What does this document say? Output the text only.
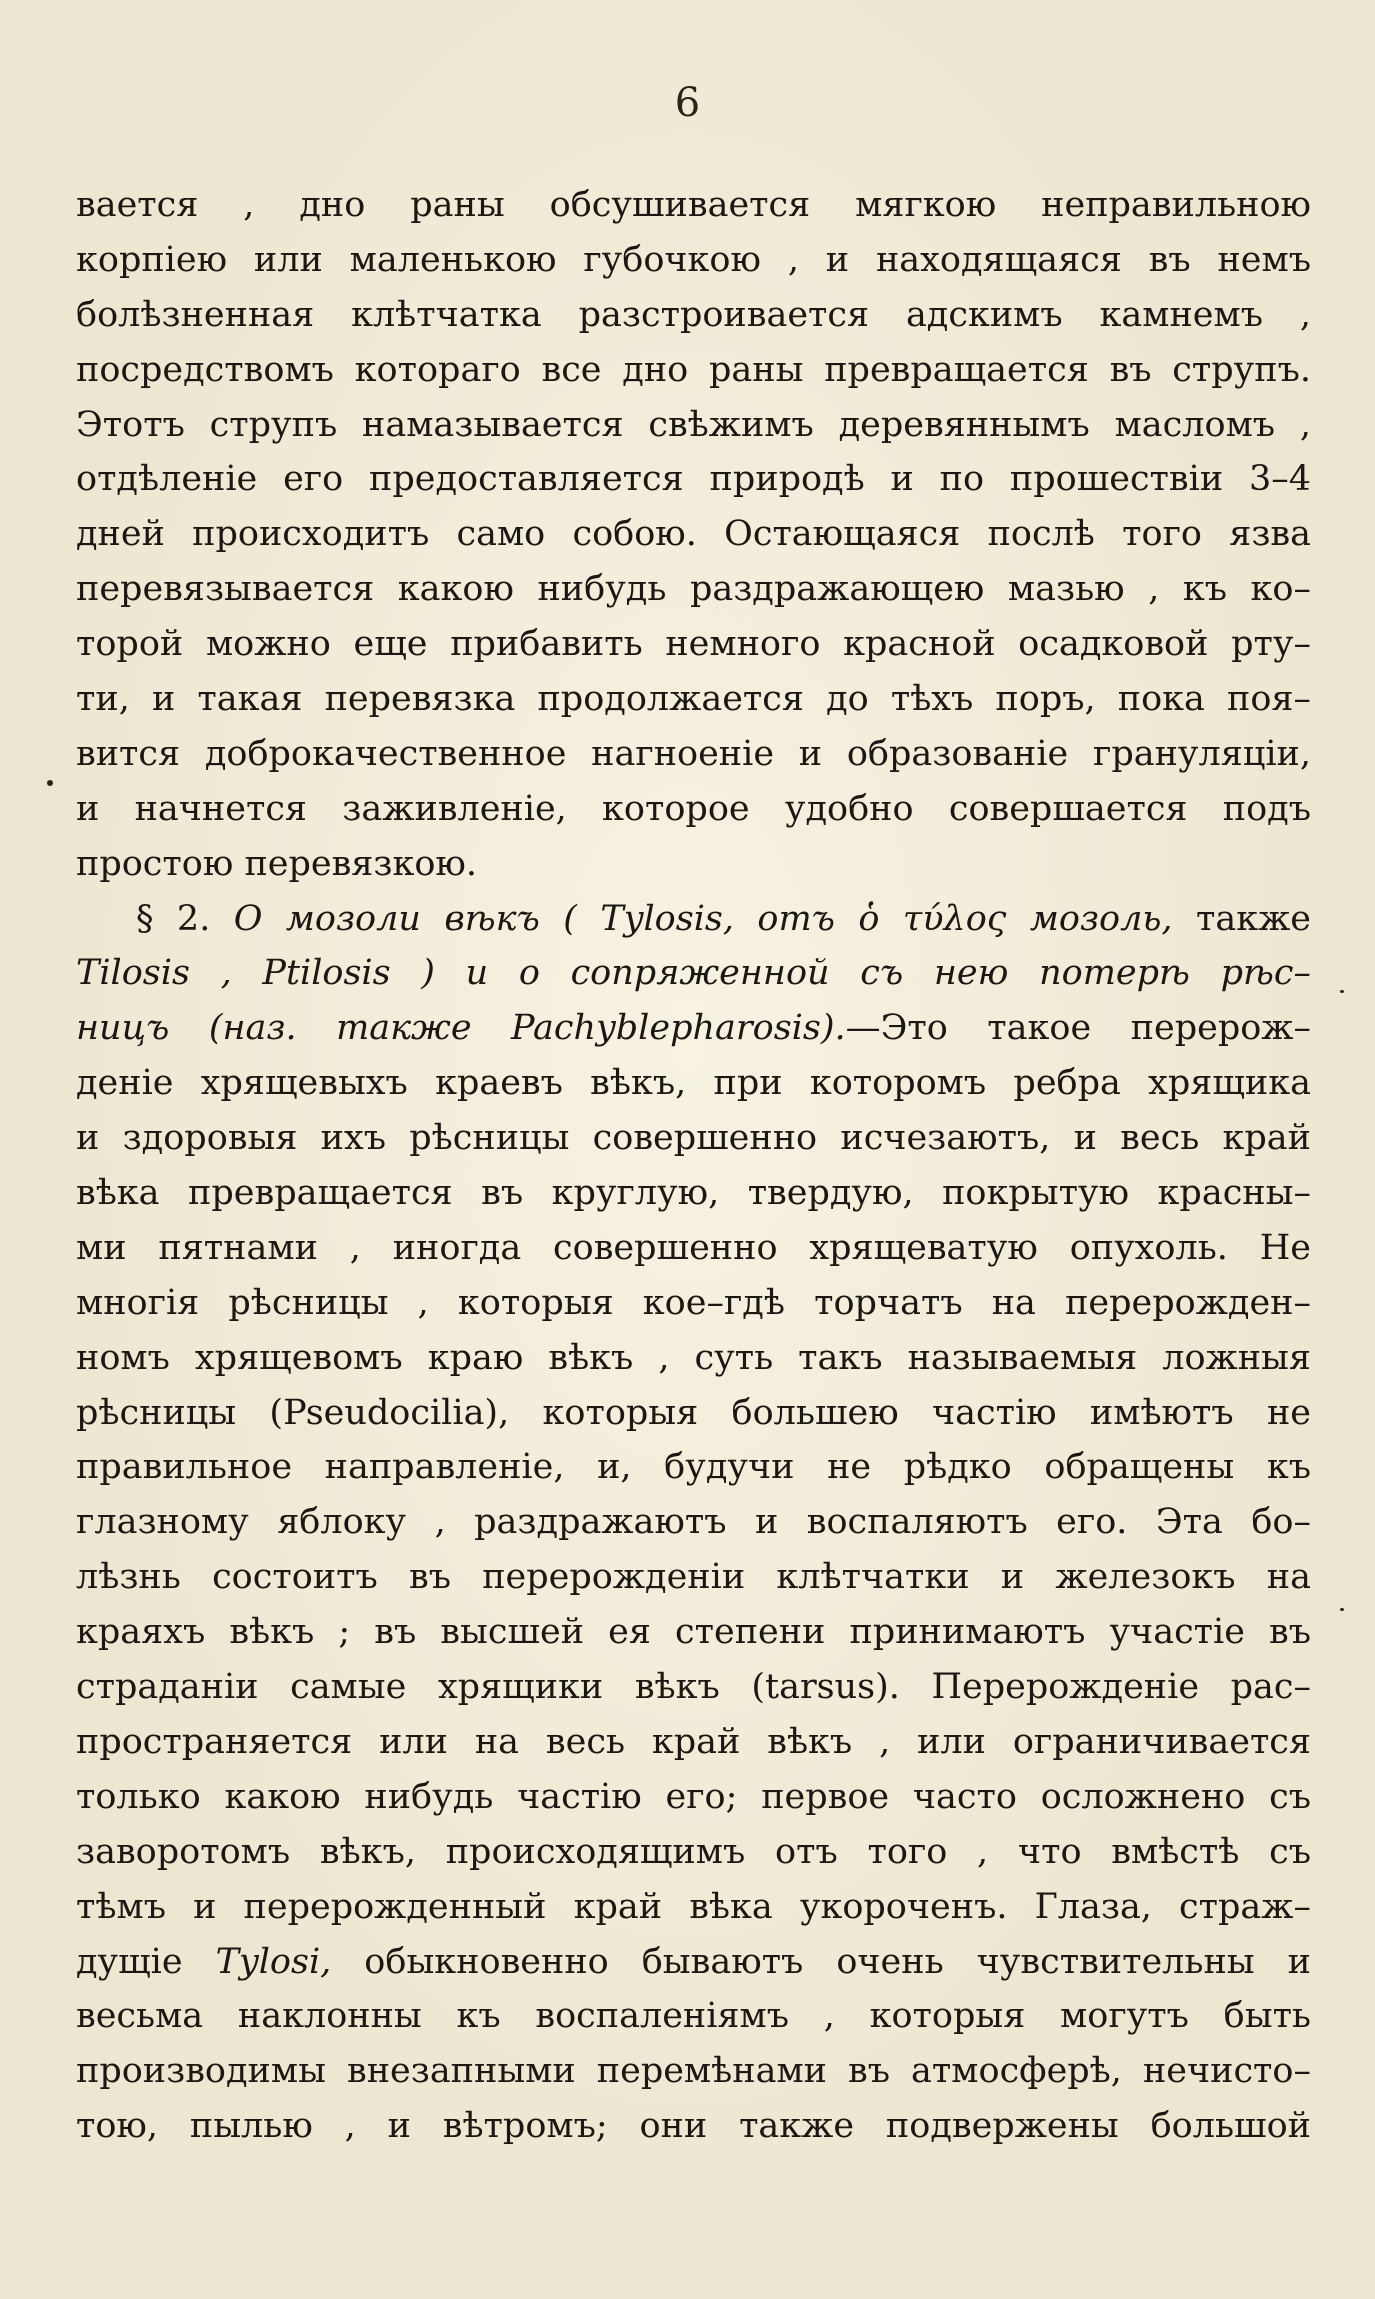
6
вается , дно раны обсушивается мягкою неправильною
корпіею или маленькою губочкою , и находящаяся въ немъ
болѣзненная клѣтчатка разстроивается адскимъ камнемъ ,
посредствомъ котораго все дно раны превращается въ струпъ.
Этотъ струпъ намазывается свѣжимъ деревяннымъ масломъ ,
отдѣленіе его предоставляется природѣ и по прошествіи 3–4
дней происходитъ само собою. Остающаяся послѣ того язва
перевязывается какою нибудь раздражающею мазью , къ ко–
торой можно еще прибавить немного красной осадковой рту–
ти, и такая перевязка продолжается до тѣхъ поръ, пока поя–
вится доброкачественное нагноеніе и образованіе грануляціи,
и начнется заживленіе, которое удобно совершается подъ
простою перевязкою.
§ 2. О мозоли вѣкъ ( Tylosis, отъ ὁ τύλος мозоль, также
Tilosis , Ptilosis ) и о сопряженной съ нею потерѣ рѣс–
ницъ (наз. также Pachyblepharosis).—Это такое перерож–
деніе хрящевыхъ краевъ вѣкъ, при которомъ ребра хрящика
и здоровыя ихъ рѣсницы совершенно исчезаютъ, и весь край
вѣка превращается въ круглую, твердую, покрытую красны–
ми пятнами , иногда совершенно хрящеватую опухоль. Не
многія рѣсницы , которыя кое–гдѣ торчатъ на перерожден–
номъ хрящевомъ краю вѣкъ , суть такъ называемыя ложныя
рѣсницы (Pseudocilia), которыя большею частію имѣютъ не
правильное направленіе, и, будучи не рѣдко обращены къ
глазному яблоку , раздражаютъ и воспаляютъ его. Эта бо–
лѣзнь состоитъ въ перерожденіи клѣтчатки и железокъ на
краяхъ вѣкъ ; въ высшей ея степени принимаютъ участіе въ
страданіи самые хрящики вѣкъ (tarsus). Перерожденіе рас–
пространяется или на весь край вѣкъ , или ограничивается
только какою нибудь частію его; первое часто осложнено съ
заворотомъ вѣкъ, происходящимъ отъ того , что вмѣстѣ съ
тѣмъ и перерожденный край вѣка укороченъ. Глаза, страж–
дущіе Tylosi, обыкновенно бываютъ очень чувствительны и
весьма наклонны къ воспаленіямъ , которыя могутъ быть
производимы внезапными перемѣнами въ атмосферѣ, нечисто–
тою, пылью , и вѣтромъ; они также подвержены большой
